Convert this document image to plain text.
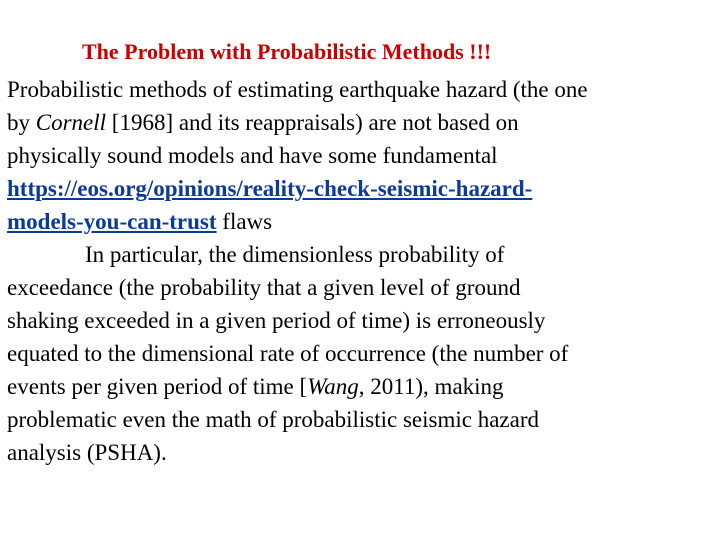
The Problem with Probabilistic Methods !!!
Probabilistic methods of estimating earthquake hazard (the one
by Cornell [1968] and its reappraisals) are not based on
physically sound models and have some fundamental
https://eos.org/opinions/reality-check-seismic-hazard-
models-you-can-trust flaws
In particular, the dimensionless probability of
exceedance (the probability that a given level of ground
shaking exceeded in a given period of time) is erroneously
equated to the dimensional rate of occurrence (the number of
events per given period of time [Wang, 2011), making
problematic even the math of probabilistic seismic hazard
analysis (PSHA).
